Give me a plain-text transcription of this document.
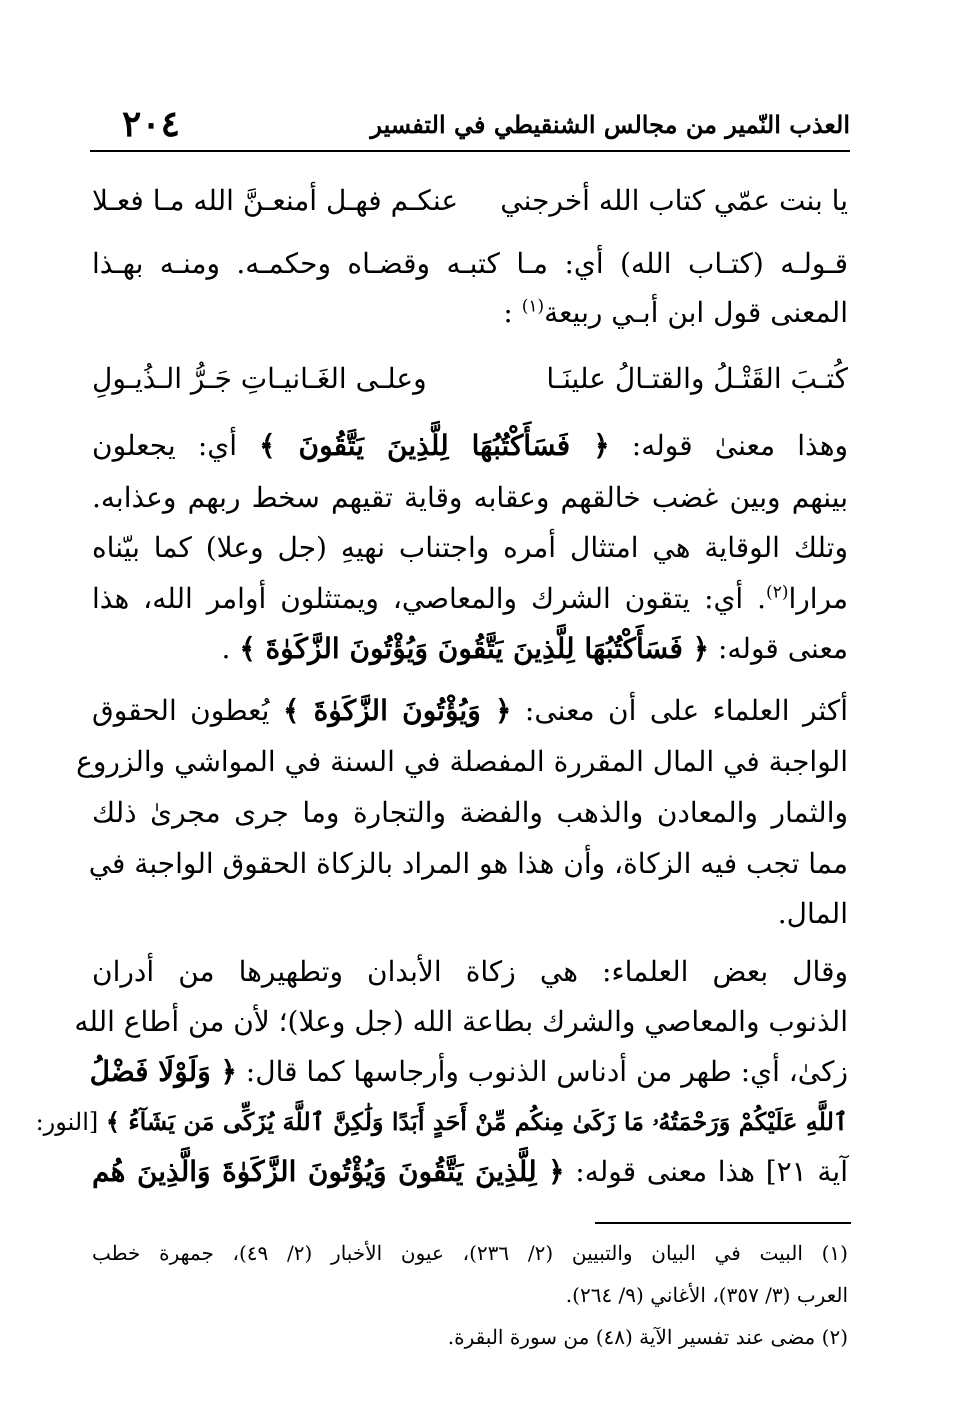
٢٠٤	العذب النّمير من مجالس الشنقيطي في التفسير
يا بنت عمّي كتاب الله أخرجني
عنكـم فهـل أمنعـنَّ الله مـا فعـلا
قـولـه (كتـاب الله) أي: مـا كتبـه وقضـاه وحكمـه. ومنـه بهـذا
المعنى قول ابن أبـي ربيعة$^{(١)}$ :
كُتـبَ القَتْـلُ والقتـالُ علينَـا
وعلـى الغَـانيـاتِ جَـرُّ الـذُيـولِ
وهذا معنىٰ قوله: ﴿ فَسَأَكْتُبُهَا لِلَّذِينَ يَتَّقُونَ ﴾ أي: يجعلون
بينهم وبين غضب خالقهم وعقابه وقاية تقيهم سخط ربهم وعذابه.
وتلك الوقاية هي امتثال أمره واجتناب نهيهِ (جل وعلا) كما بيّناه
مرارا$^{(٢)}$. أي: يتقون الشرك والمعاصي، ويمتثلون أوامر الله، هذا
معنى قوله: ﴿ فَسَأَكْتُبُهَا لِلَّذِينَ يَتَّقُونَ وَيُؤْتُونَ الزَّكَوٰةَ ﴾ .
أكثر العلماء على أن معنى: ﴿ وَيُؤْتُونَ الزَّكَوٰةَ ﴾ يُعطون الحقوق
الواجبة في المال المقررة المفصلة في السنة في المواشي والزروع
والثمار والمعادن والذهب والفضة والتجارة وما جرى مجرىٰ ذلك
مما تجب فيه الزكاة، وأن هذا هو المراد بالزكاة الحقوق الواجبة في
المال.
وقال بعض العلماء: هي زكاة الأبدان وتطهيرها من أدران
الذنوب والمعاصي والشرك بطاعة الله (جل وعلا)؛ لأن من أطاع الله
زكىٰ، أي: طهر من أدناس الذنوب وأرجاسها كما قال: ﴿ وَلَوْلَا فَضْلُ
ٱللَّهِ عَلَيْكُمْ وَرَحْمَتُهُۥ مَا زَكَىٰ مِنكُم مِّنْ أَحَدٍ أَبَدًا وَلَٰكِنَّ ٱللَّهَ يُزَكِّى مَن يَشَآءُ ﴾ [النور:
آية ٢١] هذا معنى قوله: ﴿ لِلَّذِينَ يَتَّقُونَ وَيُؤْتُونَ الزَّكَوٰةَ وَالَّذِينَ هُم
(١) البيت في البيان والتبيين (٢/ ٢٣٦)، عيون الأخبار (٢/ ٤٩)، جمهرة خطب
العرب (٣/ ٣٥٧)، الأغاني (٩/ ٢٦٤).
(٢) مضى عند تفسير الآية (٤٨) من سورة البقرة.
